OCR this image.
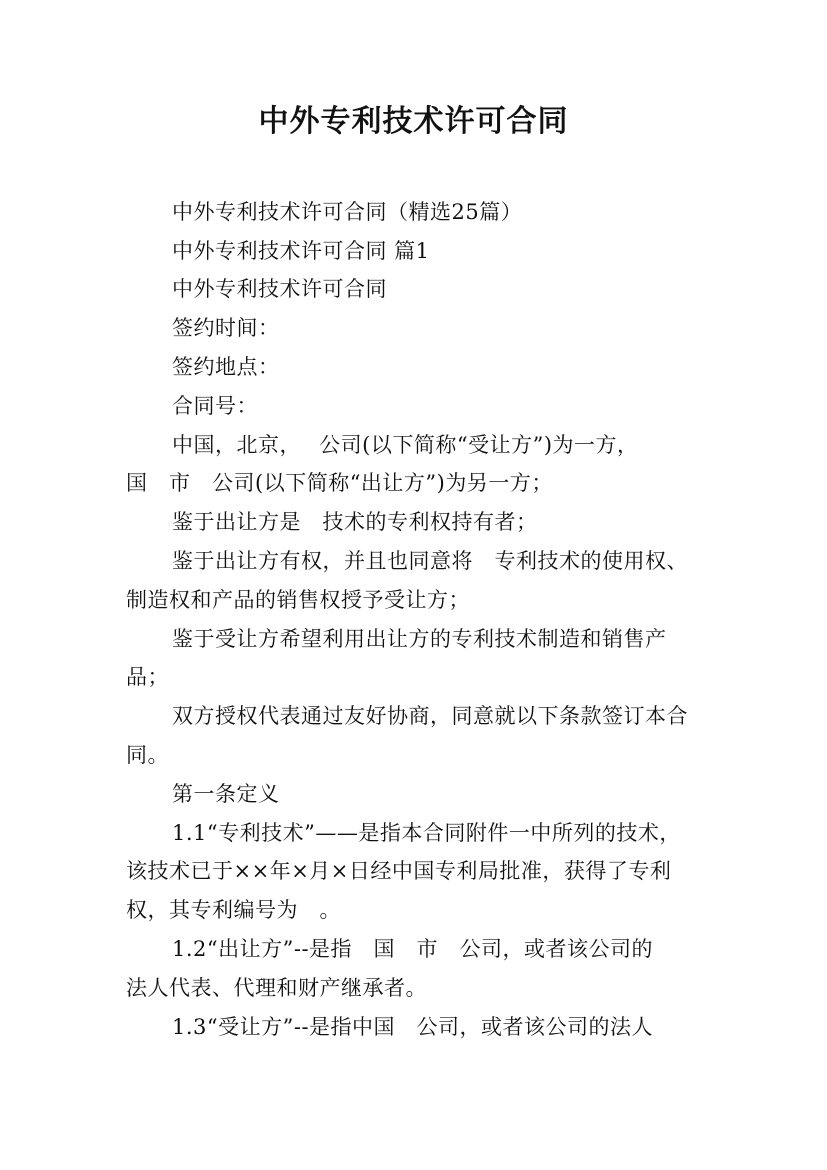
中外专利技术许可合同
中外专利技术许可合同（精选25篇）
中外专利技术许可合同 篇1
中外专利技术许可合同
签约时间：
签约地点：
合同号：
中国，北京，　 公司(以下简称“受让方”)为一方，
国　市　公司(以下简称“出让方”)为另一方；
鉴于出让方是　技术的专利权持有者；
鉴于出让方有权，并且也同意将　专利技术的使用权、
制造权和产品的销售权授予受让方；
鉴于受让方希望利用出让方的专利技术制造和销售产
品；
双方授权代表通过友好协商，同意就以下条款签订本合
同。
第一条定义
1.1“专利技术”——是指本合同附件一中所列的技术，
该技术已于××年×月×日经中国专利局批准，获得了专利
权，其专利编号为　。
1.2“出让方”--是指　国　市　公司，或者该公司的
法人代表、代理和财产继承者。
1.3“受让方”--是指中国　公司，或者该公司的法人
